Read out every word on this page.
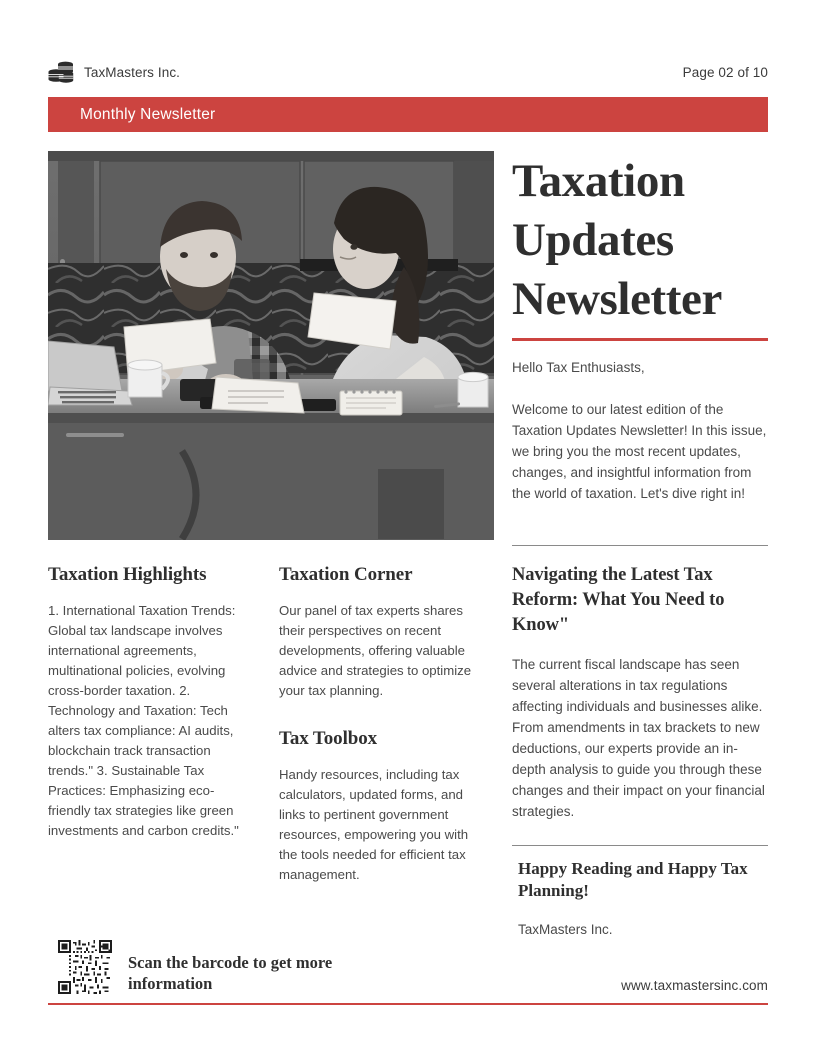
TaxMasters Inc.	Page 02 of 10
Monthly Newsletter
Taxation Updates Newsletter

Hello Tax Enthusiasts,

Welcome to our latest edition of the Taxation Updates Newsletter! In this issue, we bring you the most recent updates, changes, and insightful information from the world of taxation. Let's dive right in!

Taxation Highlights

1. International Taxation Trends: Global tax landscape involves international agreements, multinational policies, evolving cross-border taxation. 2. Technology and Taxation: Tech alters tax compliance: AI audits, blockchain track transaction trends." 3. Sustainable Tax Practices: Emphasizing eco-friendly tax strategies like green investments and carbon credits."

Taxation Corner

Our panel of tax experts shares their perspectives on recent developments, offering valuable advice and strategies to optimize your tax planning.

Tax Toolbox

Handy resources, including tax calculators, updated forms, and links to pertinent government resources, empowering you with the tools needed for efficient tax management.

Navigating the Latest Tax Reform: What You Need to Know"

The current fiscal landscape has seen several alterations in tax regulations affecting individuals and businesses alike. From amendments in tax brackets to new deductions, our experts provide an in-depth analysis to guide you through these changes and their impact on your financial strategies.

Happy Reading and Happy Tax Planning!

TaxMasters Inc.

Scan the barcode to get more information	www.taxmastersinc.com
